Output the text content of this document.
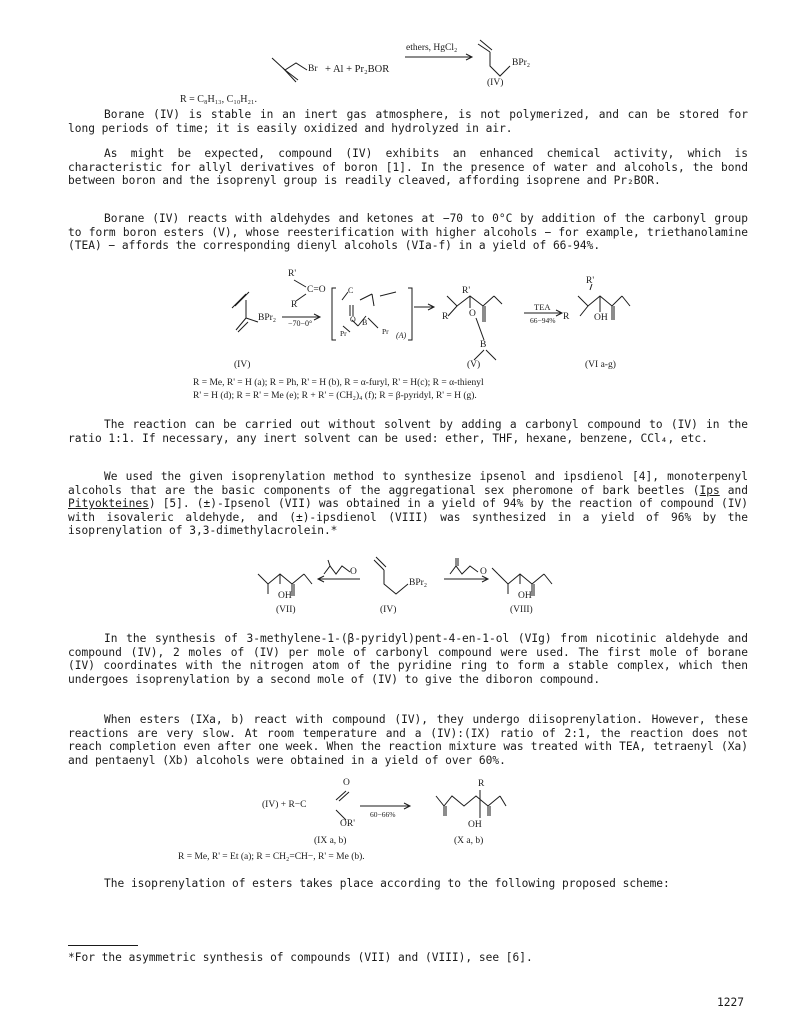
Br + Al + Pr₂BOR
ethers, HgCl₂
BPr₂
(IV)
R = C₈H₁₃, C₁₀H₂₁.

Borane (IV) is stable in an inert gas atmosphere, is not polymerized, and can be stored for long periods of time; it is easily oxidized and hydrolyzed in air.

As might be expected, compound (IV) exhibits an enhanced chemical activity, which is characteristic for allyl derivatives of boron [1]. In the presence of water and alcohols, the bond between boron and the isoprenyl group is readily cleaved, affording isoprene and Pr₂BOR.

Borane (IV) reacts with aldehydes and ketones at −70 to 0°C by addition of the carbonyl group to form boron esters (V), whose reesterification with higher alcohols − for example, triethanolamine (TEA) − affords the corresponding dienyl alcohols (VIa-f) in a yield of 66-94%.

BPr₂
R'
C=O
R
−70−0°
C
O B
Pr	Pr (A)
R'
R O
B
TEA
66−94%
R'
R	OH
(IV)	(V)	(VI a-g)
R = Me, R' = H (a); R = Ph, R' = H (b), R = α-furyl, R' = H(c); R = α-thienyl
R' = H (d); R = R' = Me (e); R + R' = (CH₂)₄ (f); R = β-pyridyl, R' = H (g).

The reaction can be carried out without solvent by adding a carbonyl compound to (IV) in the ratio 1:1. If necessary, any inert solvent can be used: ether, THF, hexane, benzene, CCl₄, etc.

We used the given isoprenylation method to synthesize ipsenol and ipsdienol [4], monoterpenyl alcohols that are the basic components of the aggregational sex pheromone of bark beetles (Ips and Pityokteines) [5]. (±)-Ipsenol (VII) was obtained in a yield of 94% by the reaction of compound (IV) with isovaleric aldehyde, and (±)-ipsdienol (VIII) was synthesized in a yield of 96% by the isoprenylation of 3,3-dimethylacrolein.*

OH
O
BPr₂
O
OH
(VII)	(IV)	(VIII)

In the synthesis of 3-methylene-1-(β-pyridyl)pent-4-en-1-ol (VIg) from nicotinic aldehyde and compound (IV), 2 moles of (IV) per mole of carbonyl compound were used. The first mole of borane (IV) coordinates with the nitrogen atom of the pyridine ring to form a stable complex, which then undergoes isoprenylation by a second mole of (IV) to give the diboron compound.

When esters (IXa, b) react with compound (IV), they undergo diisoprenylation. However, these reactions are very slow. At room temperature and a (IV):(IX) ratio of 2:1, the reaction does not reach completion even after one week. When the reaction mixture was treated with TEA, tetraenyl (Xa) and pentaenyl (Xb) alcohols were obtained in a yield of over 60%.

O
(IV) + R−C
OR'
60−66%
R
OH
(IX a, b)	(X a, b)
R = Me, R' = Et (a); R = CH₂=CH−, R' = Me (b).

The isoprenylation of esters takes place according to the following proposed scheme:

*For the asymmetric synthesis of compounds (VII) and (VIII), see [6].

1227
